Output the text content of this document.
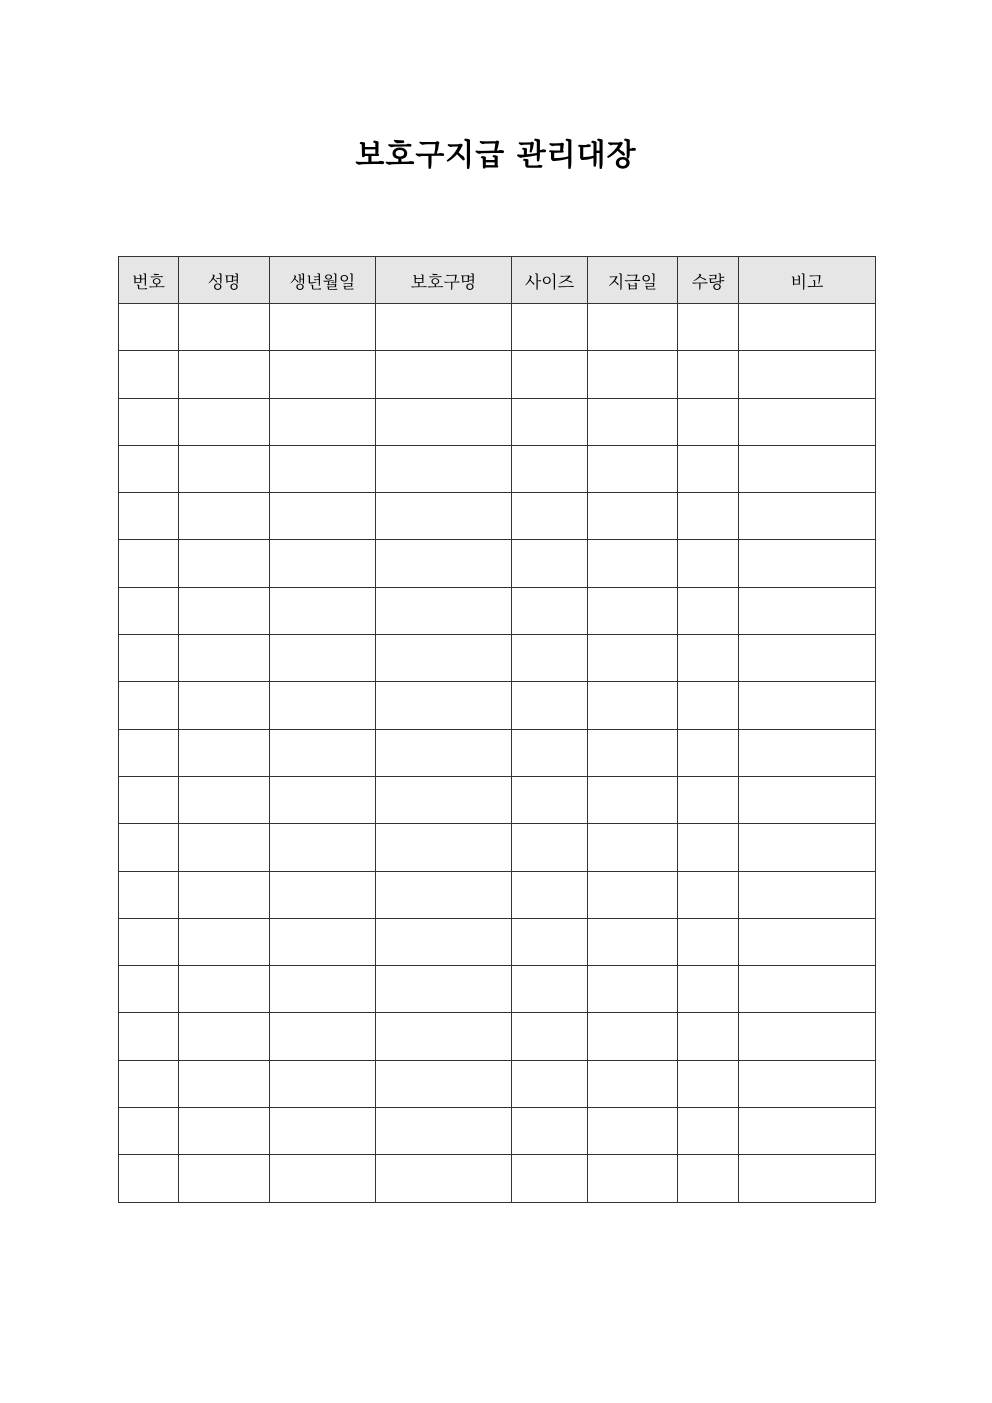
보호구지급 관리대장
번호	성명	생년월일	보호구명	사이즈	지급일	수량	비고
